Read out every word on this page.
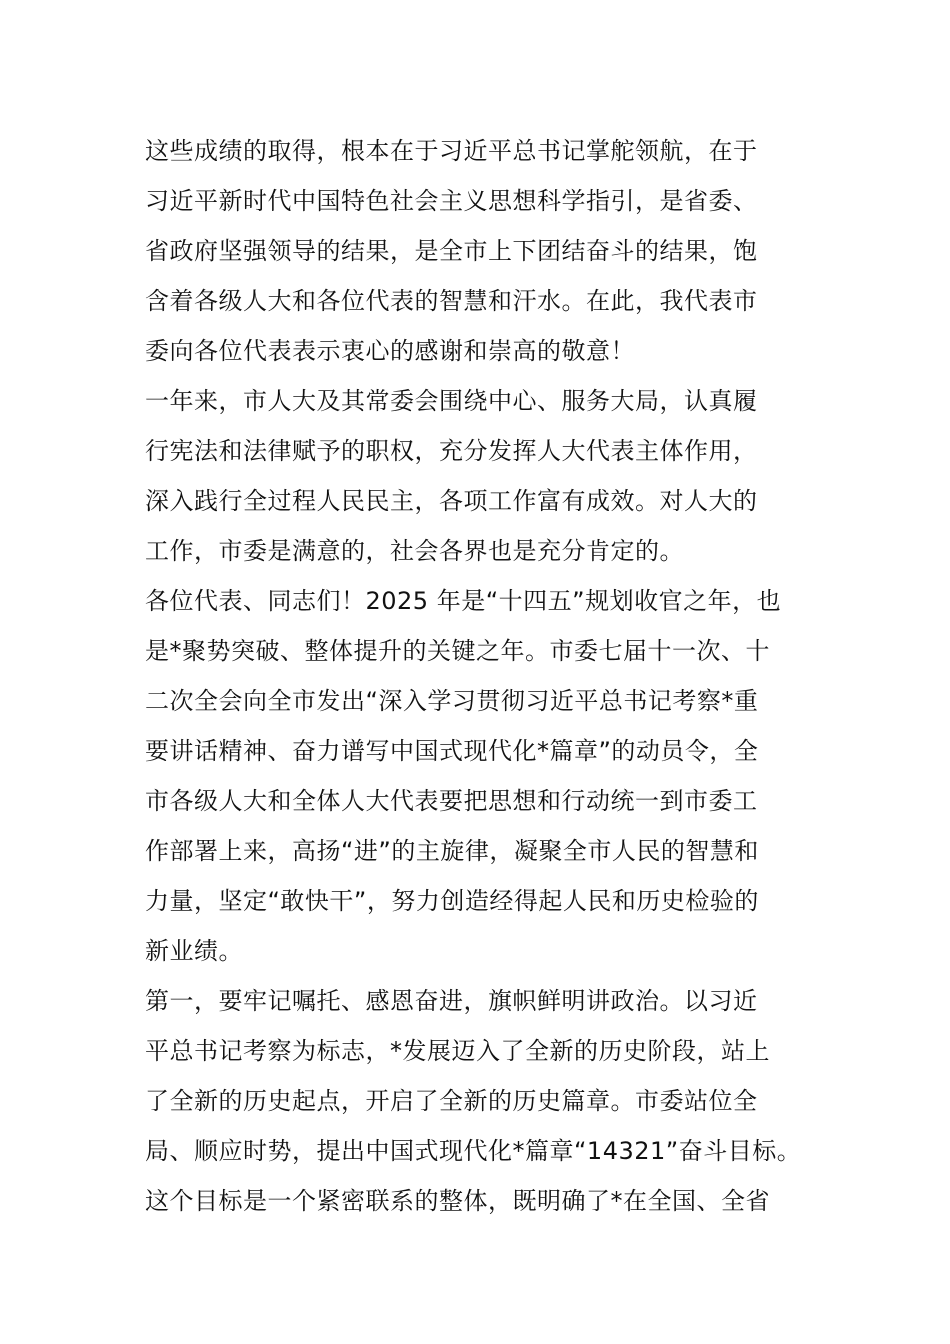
这些成绩的取得，根本在于习近平总书记掌舵领航，在于
习近平新时代中国特色社会主义思想科学指引，是省委、
省政府坚强领导的结果，是全市上下团结奋斗的结果，饱
含着各级人大和各位代表的智慧和汗水。在此，我代表市
委向各位代表表示衷心的感谢和崇高的敬意！
一年来，市人大及其常委会围绕中心、服务大局，认真履
行宪法和法律赋予的职权，充分发挥人大代表主体作用，
深入践行全过程人民民主，各项工作富有成效。对人大的
工作，市委是满意的，社会各界也是充分肯定的。
各位代表、同志们！2025 年是“十四五”规划收官之年，也
是*聚势突破、整体提升的关键之年。市委七届十一次、十
二次全会向全市发出“深入学习贯彻习近平总书记考察*重
要讲话精神、奋力谱写中国式现代化*篇章”的动员令，全
市各级人大和全体人大代表要把思想和行动统一到市委工
作部署上来，高扬“进”的主旋律，凝聚全市人民的智慧和
力量，坚定“敢快干”，努力创造经得起人民和历史检验的
新业绩。
第一，要牢记嘱托、感恩奋进，旗帜鲜明讲政治。以习近
平总书记考察为标志，*发展迈入了全新的历史阶段，站上
了全新的历史起点，开启了全新的历史篇章。市委站位全
局、顺应时势，提出中国式现代化*篇章“14321”奋斗目标。
这个目标是一个紧密联系的整体，既明确了*在全国、全省
